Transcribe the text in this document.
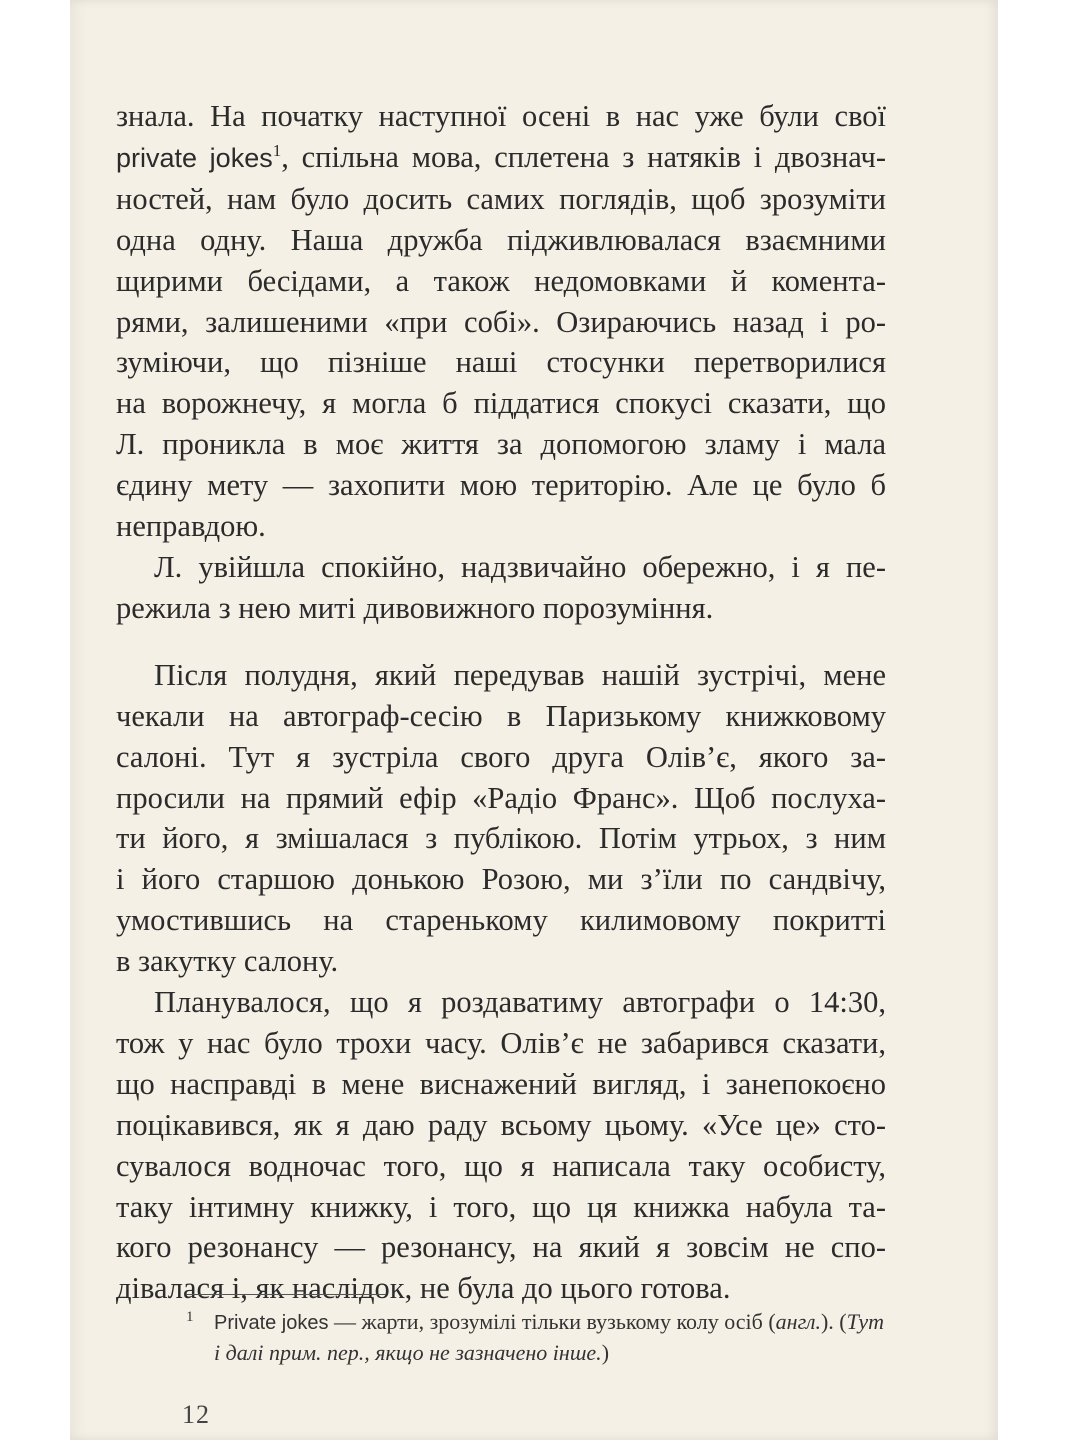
знала. На початку наступної осені в нас уже були свої
private jokes$^1$, спільна мова, сплетена з натяків і двознач-
ностей, нам було досить самих поглядів, щоб зрозуміти
одна одну. Наша дружба підживлювалася взаємними
щирими бесідами, а також недомовками й комента-
рями, залишеними «при собі». Озираючись назад і ро-
зуміючи, що пізніше наші стосунки перетворилися
на ворожнечу, я могла б піддатися спокусі сказати, що
Л. проникла в моє життя за допомогою зламу і мала
єдину мету — захопити мою територію. Але це було б
неправдою.
Л. увійшла спокійно, надзвичайно обережно, і я пе-
режила з нею миті дивовижного порозуміння.
Після полудня, який передував нашій зустрічі, мене
чекали на автограф-сесію в Паризькому книжковому
салоні. Тут я зустріла свого друга Олів’є, якого за-
просили на прямий ефір «Радіо Франс». Щоб послуха-
ти його, я змішалася з публікою. Потім утрьох, з ним
і його старшою донькою Розою, ми з’їли по сандвічу,
умостившись на старенькому килимовому покритті
в закутку салону.
Планувалося, що я роздаватиму автографи о 14:30,
тож у нас було трохи часу. Олів’є не забарився сказати,
що насправді в мене виснажений вигляд, і занепокоєно
поцікавився, як я даю раду всьому цьому. «Усе це» сто-
сувалося водночас того, що я написала таку особисту,
таку інтимну книжку, і того, що ця книжка набула та-
кого резонансу — резонансу, на який я зовсім не спо-
дівалася і, як наслідок, не була до цього готова.
1	Private jokes — жарти, зрозумілі тільки вузькому колу осіб (англ.). (Тут і далі прим. пер., якщо не зазначено інше.)
12
